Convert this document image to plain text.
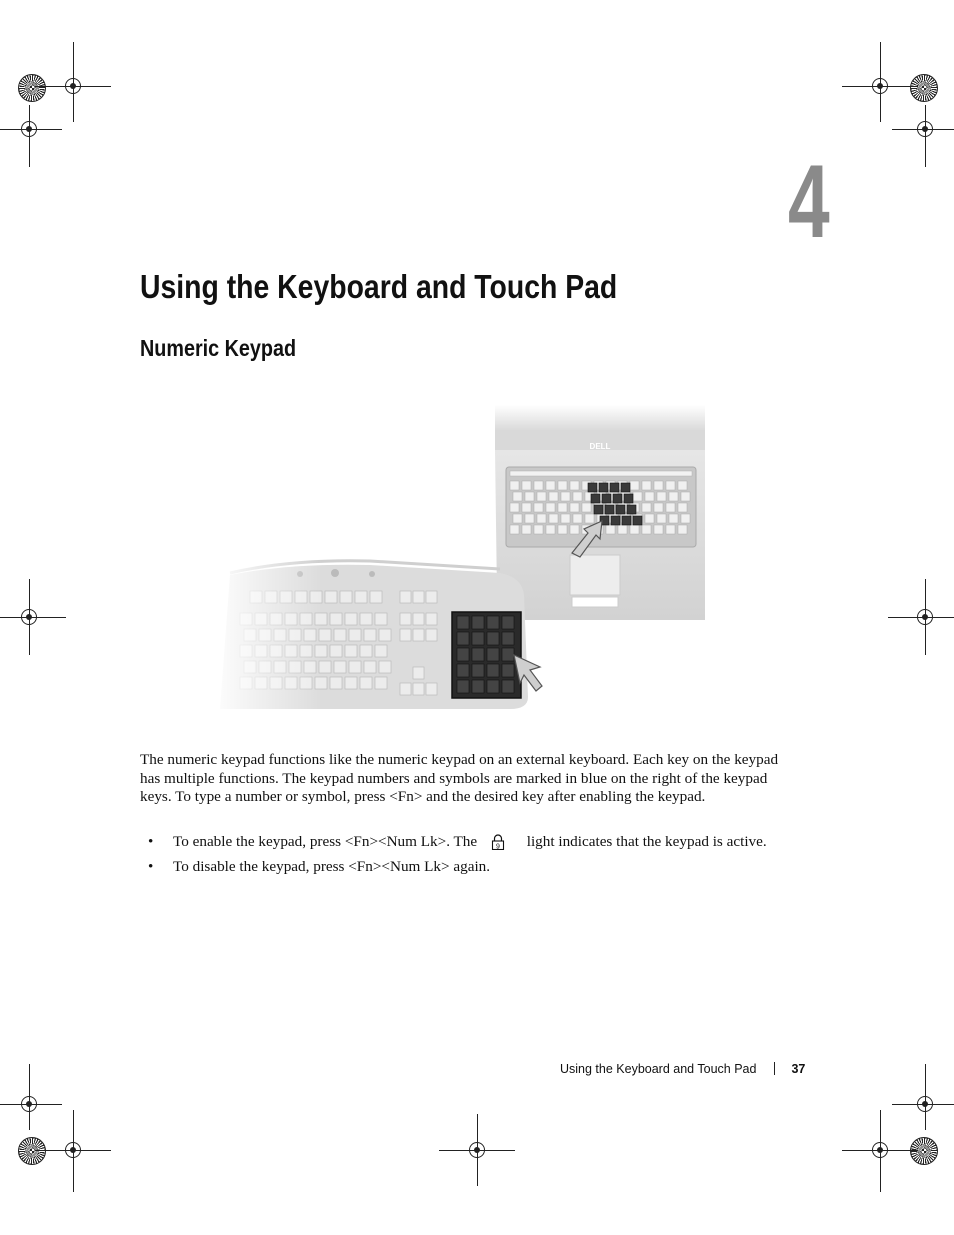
4
Using the Keyboard and Touch Pad
Numeric Keypad
The numeric keypad functions like the numeric keypad on an external keyboard. Each key on the keypad has multiple functions. The keypad numbers and symbols are marked in blue on the right of the keypad keys. To type a number or symbol, press <Fn> and the desired key after enabling the keypad.
• To enable the keypad, press <Fn><Num Lk>. The	9 light indicates that the keypad is active.
• To disable the keypad, press <Fn><Num Lk> again.
Using the Keyboard and Touch Pad	37
